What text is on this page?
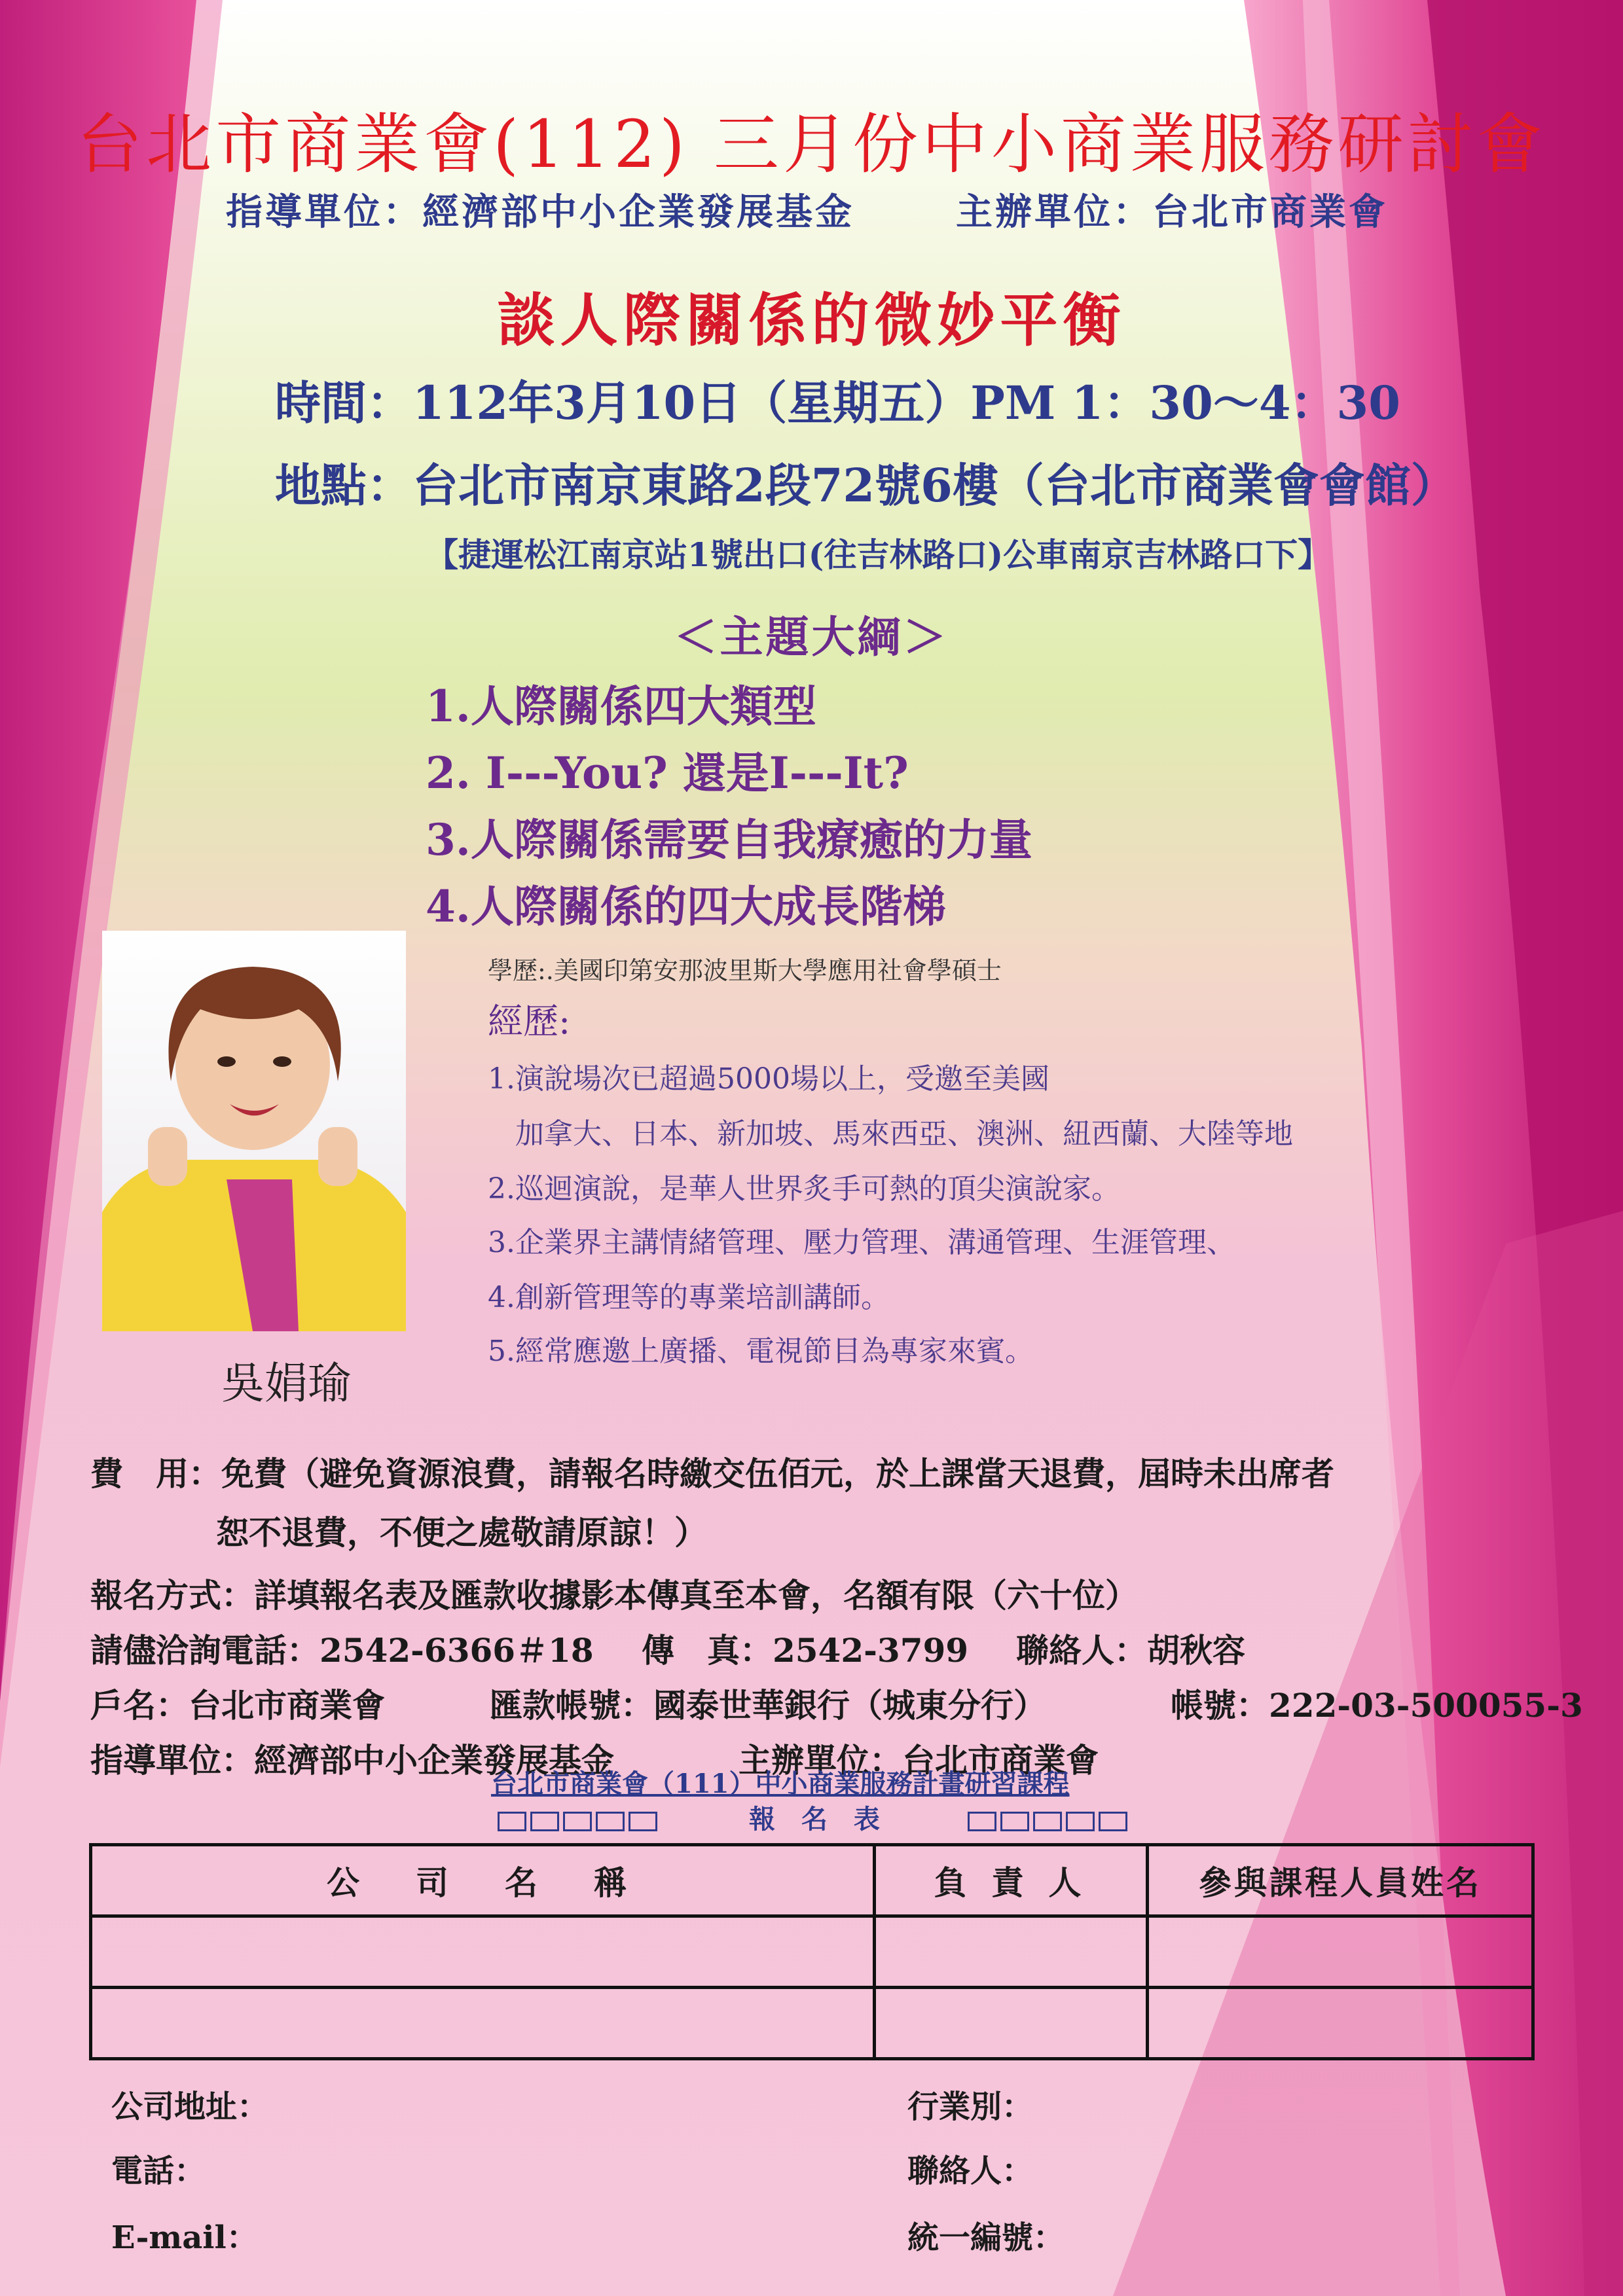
台北市商業會(112) 三月份中小商業服務研討會
指導單位：經濟部中小企業發展基金	主辦單位：台北市商業會
談人際關係的微妙平衡
時間：112年3月10日（星期五）PM 1：30～4：30
地點：台北市南京東路2段72號6樓（台北市商業會會館）
【捷運松江南京站1號出口(往吉林路口)公車南京吉林路口下】
＜主題大綱＞
1.人際關係四大類型
2. I---You? 還是I---It?
3.人際關係需要自我療癒的力量
4.人際關係的四大成長階梯
吳娟瑜
學歷:.美國印第安那波里斯大學應用社會學碩士
經歷:
1.演說場次已超過5000場以上，受邀至美國
加拿大、日本、新加坡、馬來西亞、澳洲、紐西蘭、大陸等地
2.巡迴演說，是華人世界炙手可熱的頂尖演說家。
3.企業界主講情緒管理、壓力管理、溝通管理、生涯管理、
4.創新管理等的專業培訓講師。
5.經常應邀上廣播、電視節目為專家來賓。
費　用：免費（避免資源浪費，請報名時繳交伍佰元，於上課當天退費，屆時未出席者
恕不退費，不便之處敬請原諒！）
報名方式：詳填報名表及匯款收據影本傳真至本會，名額有限（六十位）
請儘洽詢電話：2542-6366＃18 傳　真：2542-3799 聯絡人：胡秋容
戶名：台北市商業會	匯款帳號：國泰世華銀行（城東分行）	帳號：222-03-500055-3
指導單位：經濟部中小企業發展基金	主辦單位：台北市商業會
台北市商業會（111）中小商業服務計畫研習課程
報　名　表
公　司　名　稱	負 責 人	參與課程人員姓名

公司地址：	行業別：
電話：	聯絡人：
E-mail：	統一編號：
